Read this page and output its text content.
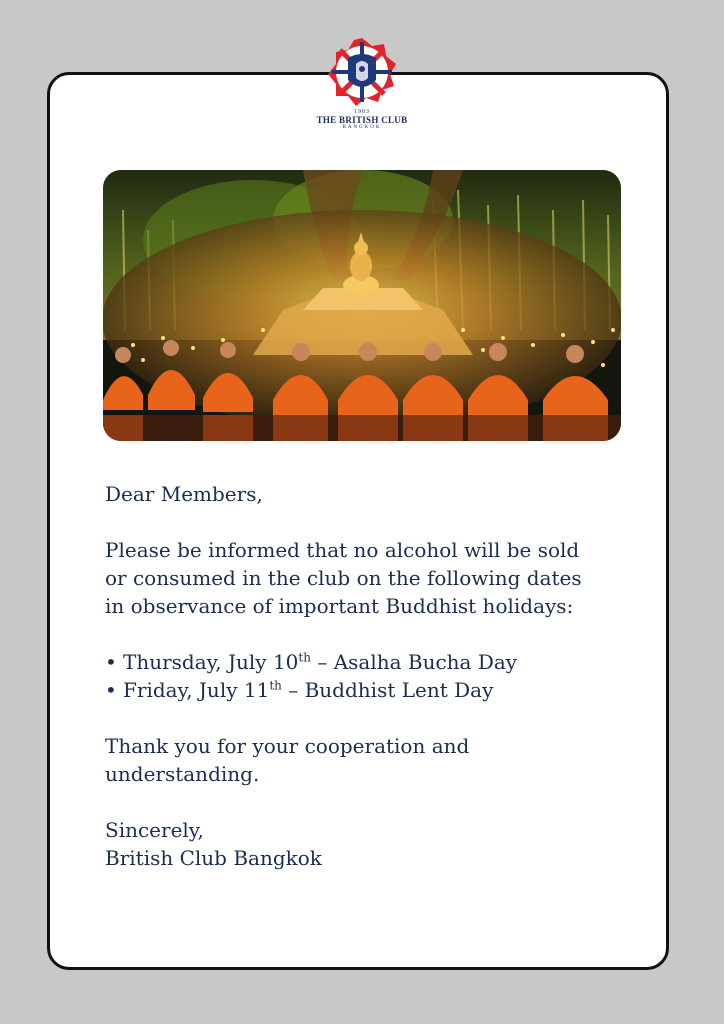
1903
THE BRITISH CLUB
BANGKOK

Dear Members,

Please be informed that no alcohol will be sold

or consumed in the club on the following dates

in observance of important Buddhist holidays:

• Thursday, July 10th – Asalha Bucha Day
• Friday, July 11th – Buddhist Lent Day

Thank you for your cooperation and

understanding.

Sincerely,

British Club Bangkok
